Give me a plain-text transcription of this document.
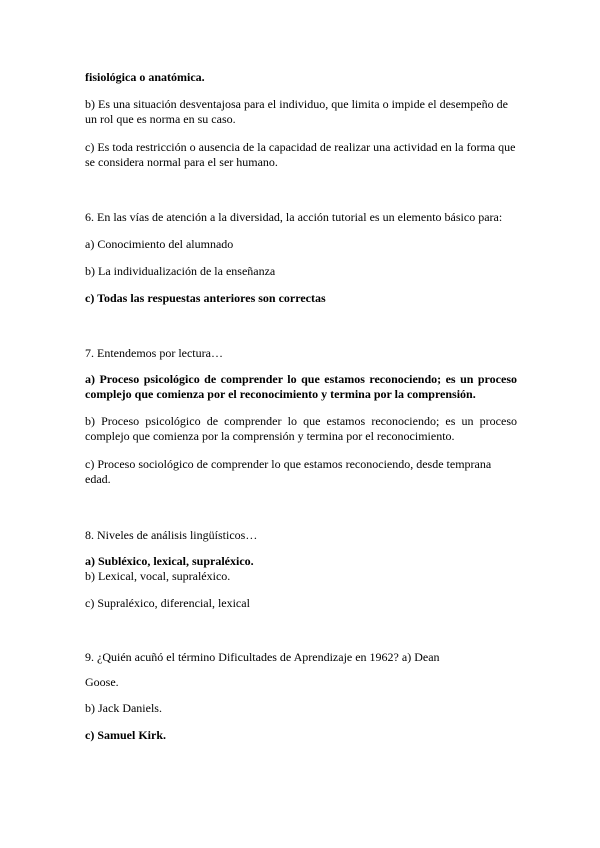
fisiológica o anatómica.

b) Es una situación desventajosa para el individuo, que limita o impide el desempeño de un rol que es norma en su caso.

c) Es toda restricción o ausencia de la capacidad de realizar una actividad en la forma que se considera normal para el ser humano.

6. En las vías de atención a la diversidad, la acción tutorial es un elemento básico para:

a) Conocimiento del alumnado

b) La individualización de la enseñanza

c) Todas las respuestas anteriores son correctas

7. Entendemos por lectura…

a) Proceso psicológico de comprender lo que estamos reconociendo; es un proceso complejo que comienza por el reconocimiento y termina por la comprensión.

b) Proceso psicológico de comprender lo que estamos reconociendo; es un proceso complejo que comienza por la comprensión y termina por el reconocimiento.

c) Proceso sociológico de comprender lo que estamos reconociendo, desde temprana edad.

8. Niveles de análisis lingüísticos…

a) Subléxico, lexical, supraléxico.

b) Lexical, vocal, supraléxico.

c) Supraléxico, diferencial, lexical

9. ¿Quién acuñó el término Dificultades de Aprendizaje en 1962? a) Dean

Goose.

b) Jack Daniels.

c) Samuel Kirk.
